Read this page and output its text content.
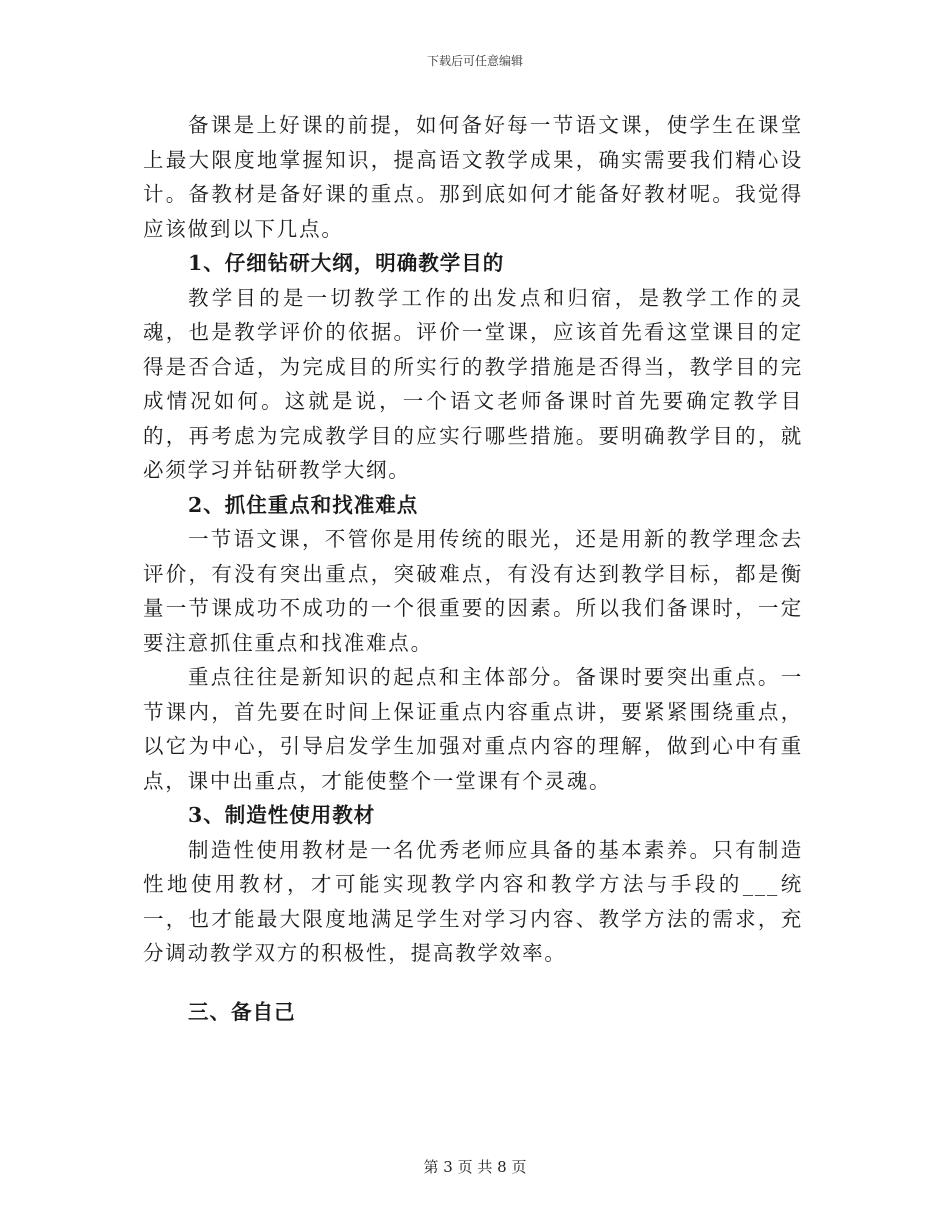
下载后可任意编辑

备课是上好课的前提，如何备好每一节语文课，使学生在课堂上最大限度地掌握知识，提高语文教学成果，确实需要我们精心设计。备教材是备好课的重点。那到底如何才能备好教材呢。我觉得应该做到以下几点。

1、仔细钻研大纲，明确教学目的

教学目的是一切教学工作的出发点和归宿，是教学工作的灵魂，也是教学评价的依据。评价一堂课，应该首先看这堂课目的定得是否合适，为完成目的所实行的教学措施是否得当，教学目的完成情况如何。这就是说，一个语文老师备课时首先要确定教学目的，再考虑为完成教学目的应实行哪些措施。要明确教学目的，就必须学习并钻研教学大纲。

2、抓住重点和找准难点

一节语文课，不管你是用传统的眼光，还是用新的教学理念去评价，有没有突出重点，突破难点，有没有达到教学目标，都是衡量一节课成功不成功的一个很重要的因素。所以我们备课时，一定要注意抓住重点和找准难点。

重点往往是新知识的起点和主体部分。备课时要突出重点。一节课内，首先要在时间上保证重点内容重点讲，要紧紧围绕重点，以它为中心，引导启发学生加强对重点内容的理解，做到心中有重点，课中出重点，才能使整个一堂课有个灵魂。

3、制造性使用教材

制造性使用教材是一名优秀老师应具备的基本素养。只有制造性地使用教材，才可能实现教学内容和教学方法与手段的___统一，也才能最大限度地满足学生对学习内容、教学方法的需求，充分调动教学双方的积极性，提高教学效率。

三、备自己

第 3 页 共 8 页
